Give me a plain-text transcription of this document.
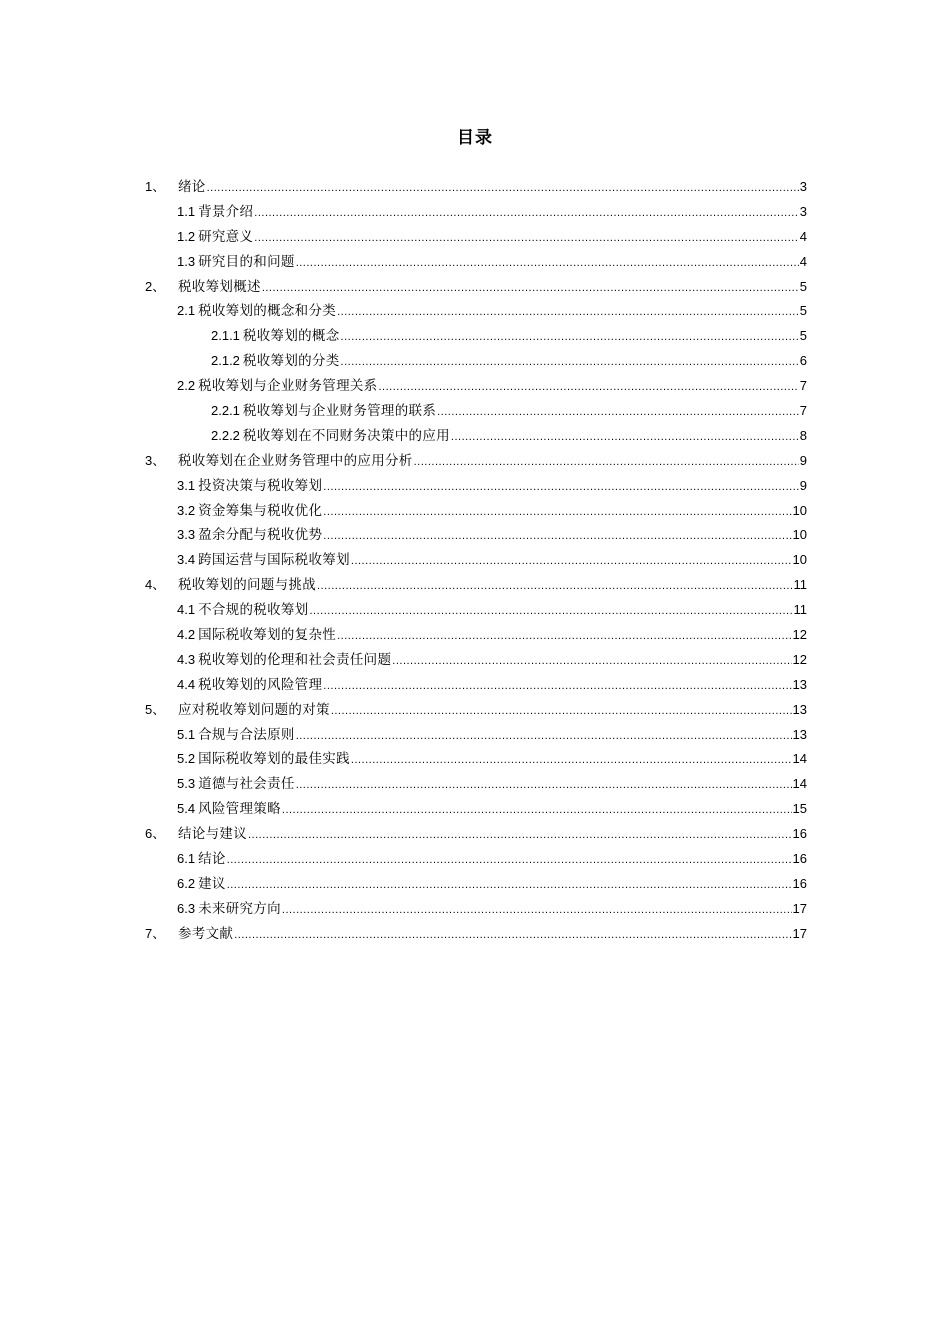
目录
1、 绪论 .....	3
1.1 背景介绍 .....	3
1.2 研究意义 .....	4
1.3 研究目的和问题 .....	4
2、 税收筹划概述 .....	5
2.1 税收筹划的概念和分类 .....	5
2.1.1 税收筹划的概念 .....	5
2.1.2 税收筹划的分类 .....	6
2.2 税收筹划与企业财务管理关系 .....	7
2.2.1 税收筹划与企业财务管理的联系 .....	7
2.2.2 税收筹划在不同财务决策中的应用 .....	8
3、 税收筹划在企业财务管理中的应用分析 .....	9
3.1 投资决策与税收筹划 .....	9
3.2 资金筹集与税收优化 .....	10
3.3 盈余分配与税收优势 .....	10
3.4 跨国运营与国际税收筹划 .....	10
4、 税收筹划的问题与挑战 .....	11
4.1 不合规的税收筹划 .....	11
4.2 国际税收筹划的复杂性 .....	12
4.3 税收筹划的伦理和社会责任问题 .....	12
4.4 税收筹划的风险管理 .....	13
5、 应对税收筹划问题的对策 .....	13
5.1 合规与合法原则 .....	13
5.2 国际税收筹划的最佳实践 .....	14
5.3 道德与社会责任 .....	14
5.4 风险管理策略 .....	15
6、 结论与建议 .....	16
6.1 结论 .....	16
6.2 建议 .....	16
6.3 未来研究方向 .....	17
7、 参考文献 .....	17
